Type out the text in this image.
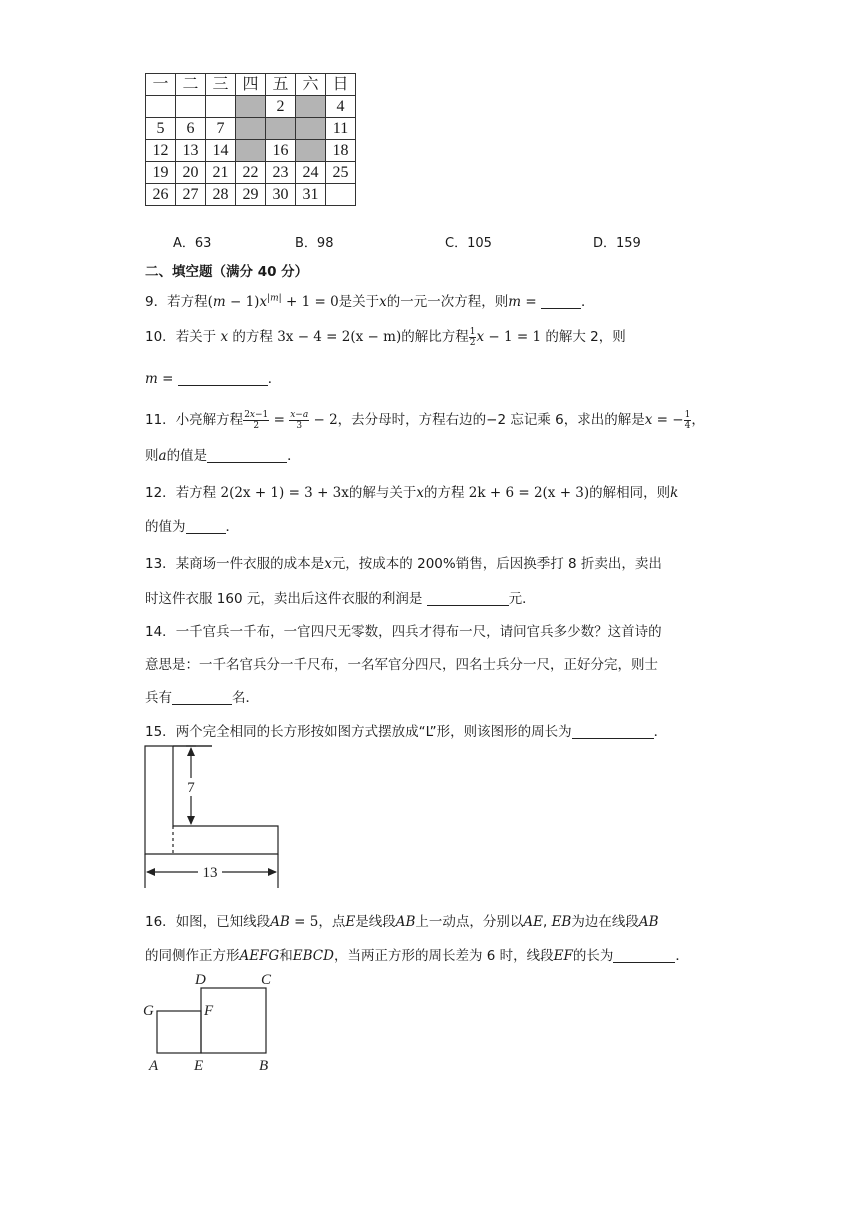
一	二	三	四	五	六	日
				2		4
5	6	7				11
12	13	14		16		18
19	20	21	22	23	24	25
26	27	28	29	30	31	
A．63	B．98	C．105	D．159
二、填空题（满分 40 分）
9．若方程$(m - 1)x^{|m|} + 1 = 0$是关于x的一元一次方程，则m =	．
10．若关于 x 的方程 3x − 4 = 2(x − m)的解比方程 $\frac{1}{2}$ x − 1 = 1 的解大 2，则
m =	．
11．小亮解方程 $\frac{2x-1}{2} = \frac{x-a}{3} - 2$，去分母时，方程右边的−2 忘记乘 6，求出的解是x = − $\frac{1}{4}$ ，
则a的值是	．
12．若方程 2(2x + 1) = 3 + 3x的解与关于x的方程 2k + 6 = 2(x + 3)的解相同，则k
的值为	．
13．某商场一件衣服的成本是x元，按成本的 200%销售，后因换季打 8 折卖出，卖出
时这件衣服 160 元，卖出后这件衣服的利润是	元．
14．一千官兵一千布，一官四尺无零数，四兵才得布一尺，请问官兵多少数？这首诗的
意思是：一千名官兵分一千尺布，一名军官分四尺，四名士兵分一尺，正好分完，则士
兵有	名．
15．两个完全相同的长方形按如图方式摆放成“L”形，则该图形的周长为	．
7
13
16．如图，已知线段AB = 5，点E是线段AB上一动点，分别以AE, EB为边在线段AB
的同侧作正方形AEFG和EBCD，当两正方形的周长差为 6 时，线段EF的长为	．
G	F
D	C
A E	B
